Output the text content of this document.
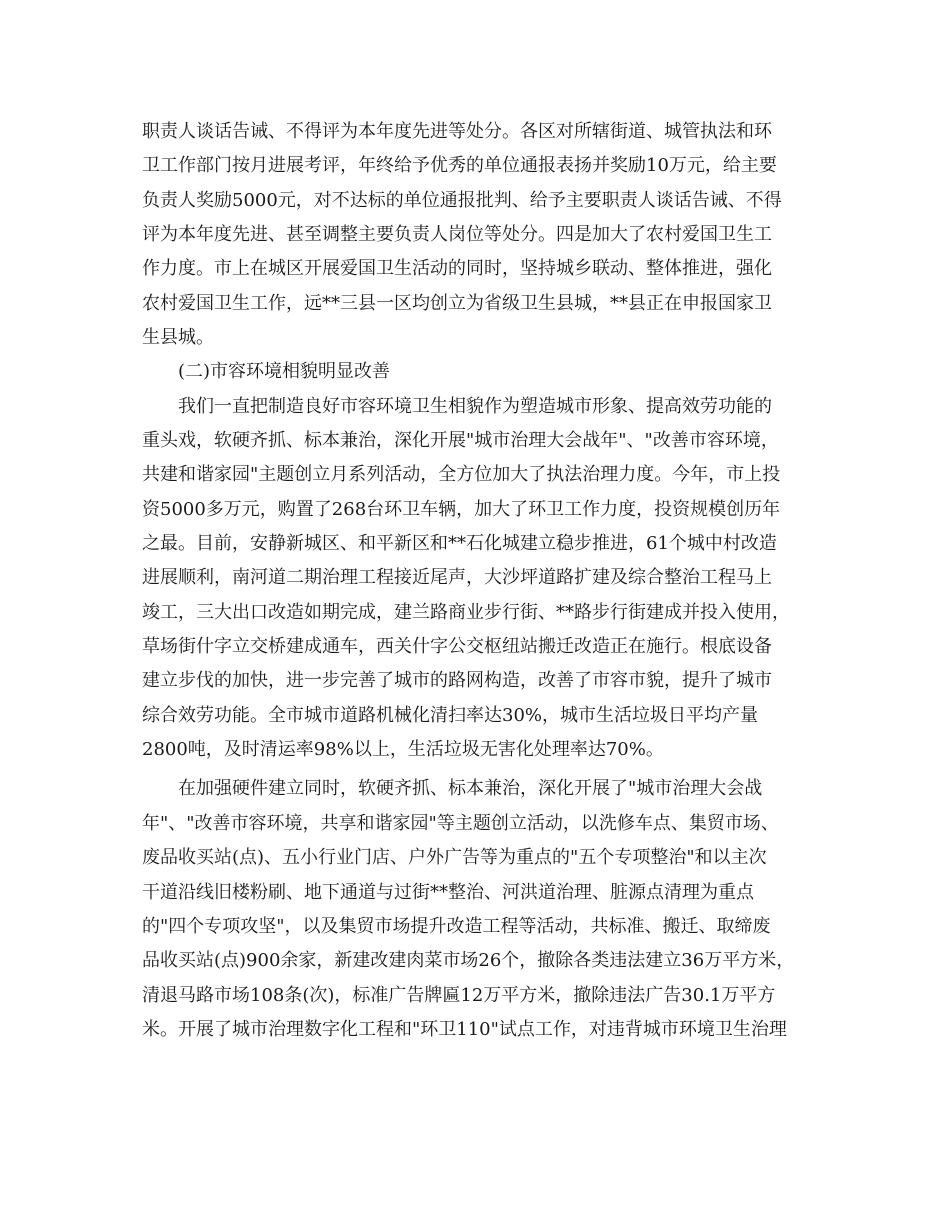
职责人谈话告诫、不得评为本年度先进等处分。各区对所辖街道、城管执法和环
卫工作部门按月进展考评，年终给予优秀的单位通报表扬并奖励10万元，给主要
负责人奖励5000元，对不达标的单位通报批判、给予主要职责人谈话告诫、不得
评为本年度先进、甚至调整主要负责人岗位等处分。四是加大了农村爱国卫生工
作力度。市上在城区开展爱国卫生活动的同时，坚持城乡联动、整体推进，强化
农村爱国卫生工作，远**三县一区均创立为省级卫生县城，**县正在申报国家卫
生县城。
(二)市容环境相貌明显改善
我们一直把制造良好市容环境卫生相貌作为塑造城市形象、提高效劳功能的
重头戏，软硬齐抓、标本兼治，深化开展"城市治理大会战年"、"改善市容环境，
共建和谐家园"主题创立月系列活动，全方位加大了执法治理力度。今年，市上投
资5000多万元，购置了268台环卫车辆，加大了环卫工作力度，投资规模创历年
之最。目前，安静新城区、和平新区和**石化城建立稳步推进，61个城中村改造
进展顺利，南河道二期治理工程接近尾声，大沙坪道路扩建及综合整治工程马上
竣工，三大出口改造如期完成，建兰路商业步行街、**路步行街建成并投入使用，
草场街什字立交桥建成通车，西关什字公交枢纽站搬迁改造正在施行。根底设备
建立步伐的加快，进一步完善了城市的路网构造，改善了市容市貌，提升了城市
综合效劳功能。全市城市道路机械化清扫率达30%，城市生活垃圾日平均产量
2800吨，及时清运率98%以上，生活垃圾无害化处理率达70%。
在加强硬件建立同时，软硬齐抓、标本兼治，深化开展了"城市治理大会战
年"、"改善市容环境，共享和谐家园"等主题创立活动，以洗修车点、集贸市场、
废品收买站(点)、五小行业门店、户外广告等为重点的"五个专项整治"和以主次
干道沿线旧楼粉刷、地下通道与过街**整治、河洪道治理、脏源点清理为重点
的"四个专项攻坚"，以及集贸市场提升改造工程等活动，共标准、搬迁、取缔废
品收买站(点)900余家，新建改建肉菜市场26个，撤除各类违法建立36万平方米，
清退马路市场108条(次)，标准广告牌匾12万平方米，撤除违法广告30.1万平方
米。开展了城市治理数字化工程和"环卫110"试点工作，对违背城市环境卫生治理
